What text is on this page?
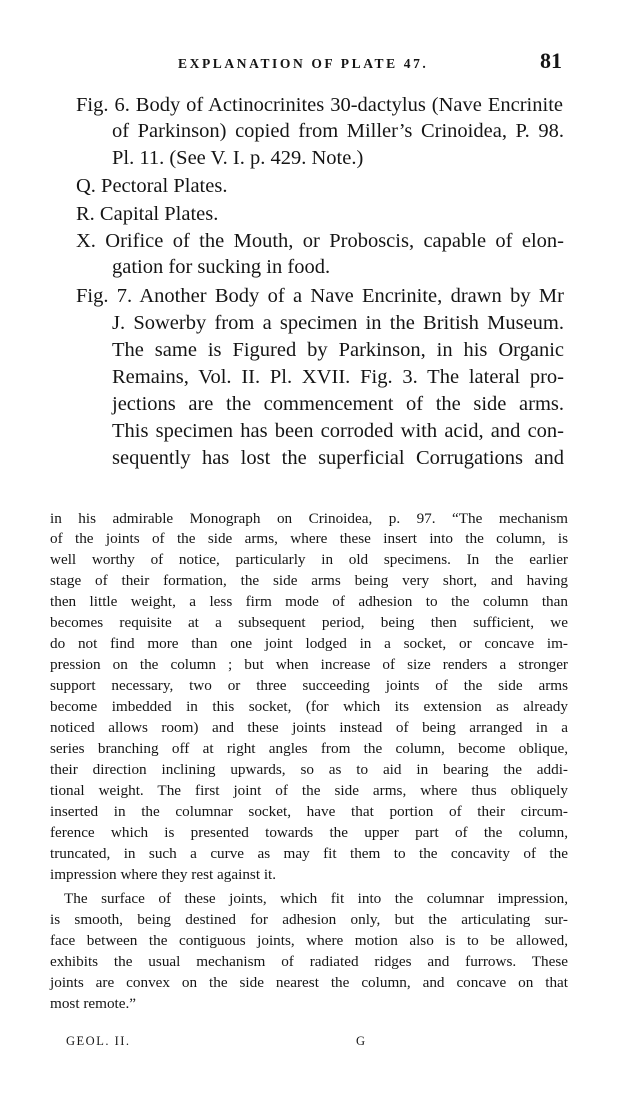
EXPLANATION OF PLATE 47.	81
Fig. 6. Body of Actinocrinites 30-dactylus (Nave Encrinite
of Parkinson) copied from Miller’s Crinoidea, P. 98.
Pl. 11. (See V. I. p. 429. Note.)
Q. Pectoral Plates.
R. Capital Plates.
X. Orifice of the Mouth, or Proboscis, capable of elon-
gation for sucking in food.
Fig. 7. Another Body of a Nave Encrinite, drawn by Mr
J. Sowerby from a specimen in the British Museum.
The same is Figured by Parkinson, in his Organic
Remains, Vol. II. Pl. XVII. Fig. 3. The lateral pro-
jections are the commencement of the side arms.
This specimen has been corroded with acid, and con-
sequently has lost the superficial Corrugations and
in his admirable Monograph on Crinoidea, p. 97. “The mechanism
of the joints of the side arms, where these insert into the column, is
well worthy of notice, particularly in old specimens. In the earlier
stage of their formation, the side arms being very short, and having
then little weight, a less firm mode of adhesion to the column than
becomes requisite at a subsequent period, being then sufficient, we
do not find more than one joint lodged in a socket, or concave im-
pression on the column ; but when increase of size renders a stronger
support necessary, two or three succeeding joints of the side arms
become imbedded in this socket, (for which its extension as already
noticed allows room) and these joints instead of being arranged in a
series branching off at right angles from the column, become oblique,
their direction inclining upwards, so as to aid in bearing the addi-
tional weight. The first joint of the side arms, where thus obliquely
inserted in the columnar socket, have that portion of their circum-
ference which is presented towards the upper part of the column,
truncated, in such a curve as may fit them to the concavity of the
impression where they rest against it.
The surface of these joints, which fit into the columnar impression,
is smooth, being destined for adhesion only, but the articulating sur-
face between the contiguous joints, where motion also is to be allowed,
exhibits the usual mechanism of radiated ridges and furrows. These
joints are convex on the side nearest the column, and concave on that
most remote.”
GEOL. II.	G
